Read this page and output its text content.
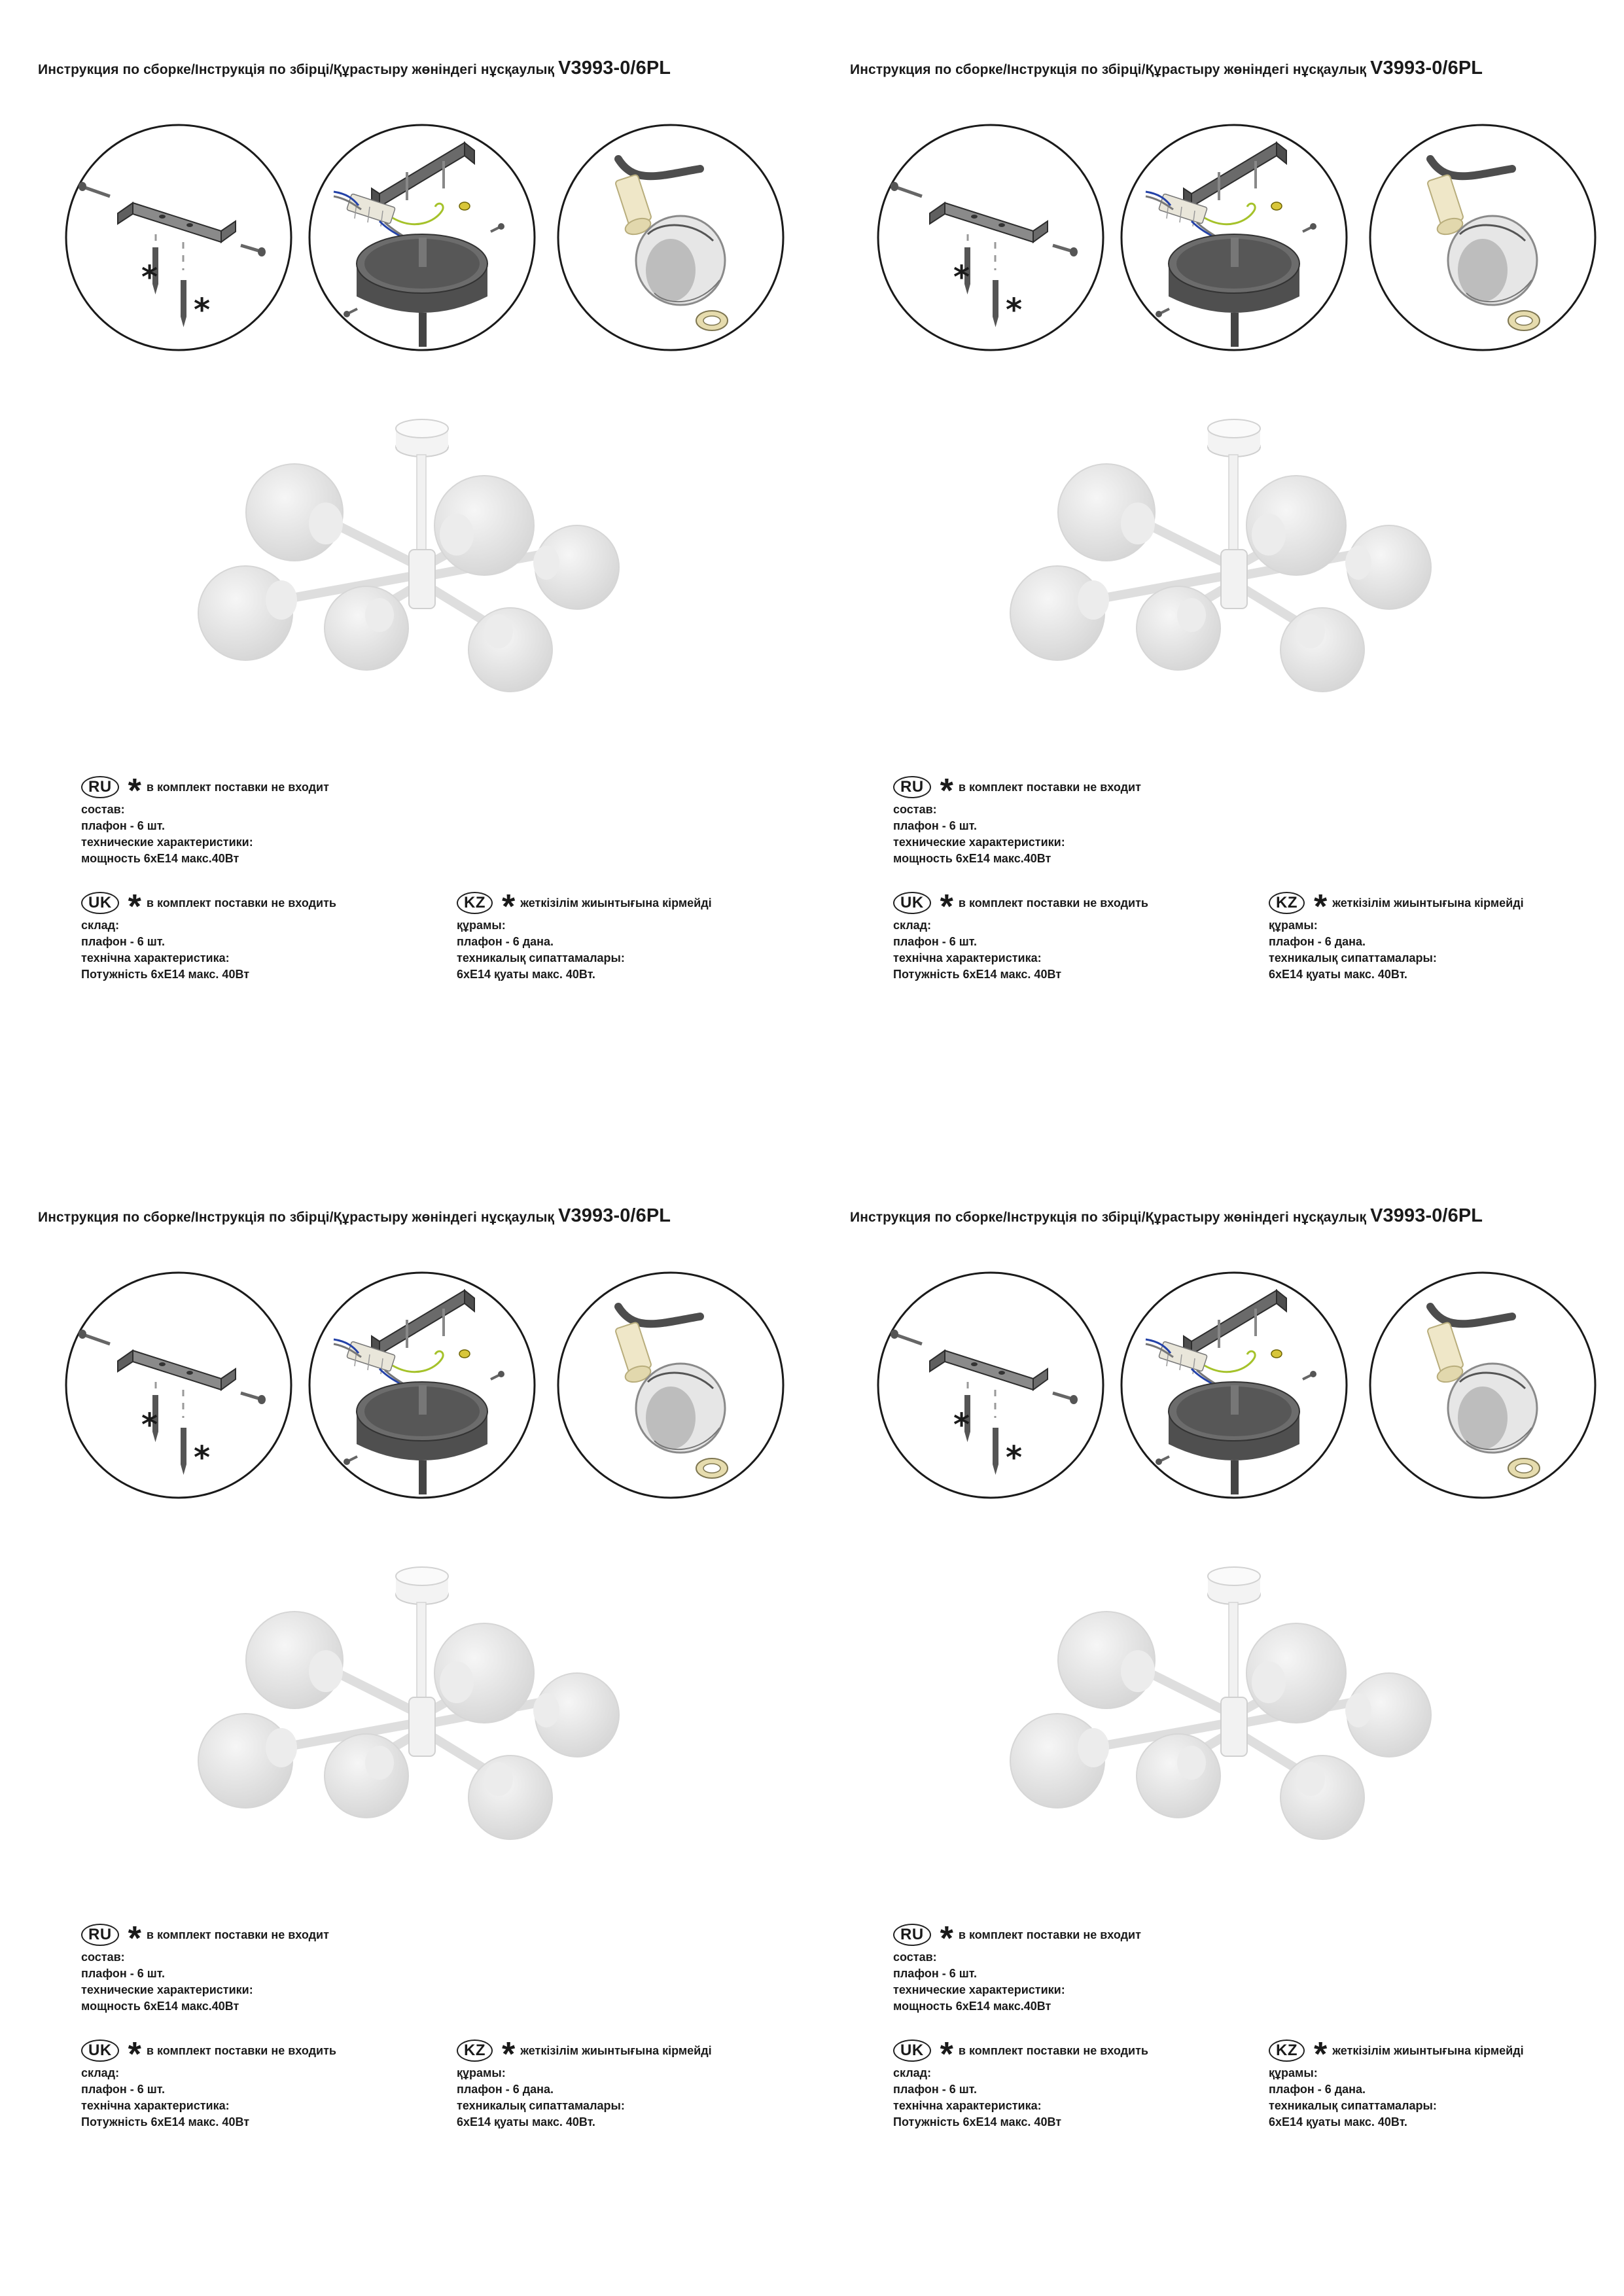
Инструкция по сборке/Інструкція по збірці/Құрастыру жөніндегі нұсқаулық V3993-0/6PL
*
*
RU * в комплект поставки не входит
состав:
плафон - 6 шт.
технические характеристики:
мощность 6хЕ14 макс.40Вт
UK * в комплект поставки не входить
склад:
плафон - 6 шт.
технічна характеристика:
Потужність 6хЕ14 макс. 40Вт
KZ * жеткізілім жиынтығына кірмейді
құрамы:
плафон - 6 дана.
техникалық сипаттамалары:
6хЕ14 қуаты макс. 40Вт.
Инструкция по сборке/Інструкція по збірці/Құрастыру жөніндегі нұсқаулық V3993-0/6PL
*
*
RU * в комплект поставки не входит
состав:
плафон - 6 шт.
технические характеристики:
мощность 6хЕ14 макс.40Вт
UK * в комплект поставки не входить
склад:
плафон - 6 шт.
технічна характеристика:
Потужність 6хЕ14 макс. 40Вт
KZ * жеткізілім жиынтығына кірмейді
құрамы:
плафон - 6 дана.
техникалық сипаттамалары:
6хЕ14 қуаты макс. 40Вт.
Инструкция по сборке/Інструкція по збірці/Құрастыру жөніндегі нұсқаулық V3993-0/6PL
*
*
RU * в комплект поставки не входит
состав:
плафон - 6 шт.
технические характеристики:
мощность 6хЕ14 макс.40Вт
UK * в комплект поставки не входить
склад:
плафон - 6 шт.
технічна характеристика:
Потужність 6хЕ14 макс. 40Вт
KZ * жеткізілім жиынтығына кірмейді
құрамы:
плафон - 6 дана.
техникалық сипаттамалары:
6хЕ14 қуаты макс. 40Вт.
Инструкция по сборке/Інструкція по збірці/Құрастыру жөніндегі нұсқаулық V3993-0/6PL
*
*
RU * в комплект поставки не входит
состав:
плафон - 6 шт.
технические характеристики:
мощность 6хЕ14 макс.40Вт
UK * в комплект поставки не входить
склад:
плафон - 6 шт.
технічна характеристика:
Потужність 6хЕ14 макс. 40Вт
KZ * жеткізілім жиынтығына кірмейді
құрамы:
плафон - 6 дана.
техникалық сипаттамалары:
6хЕ14 қуаты макс. 40Вт.
